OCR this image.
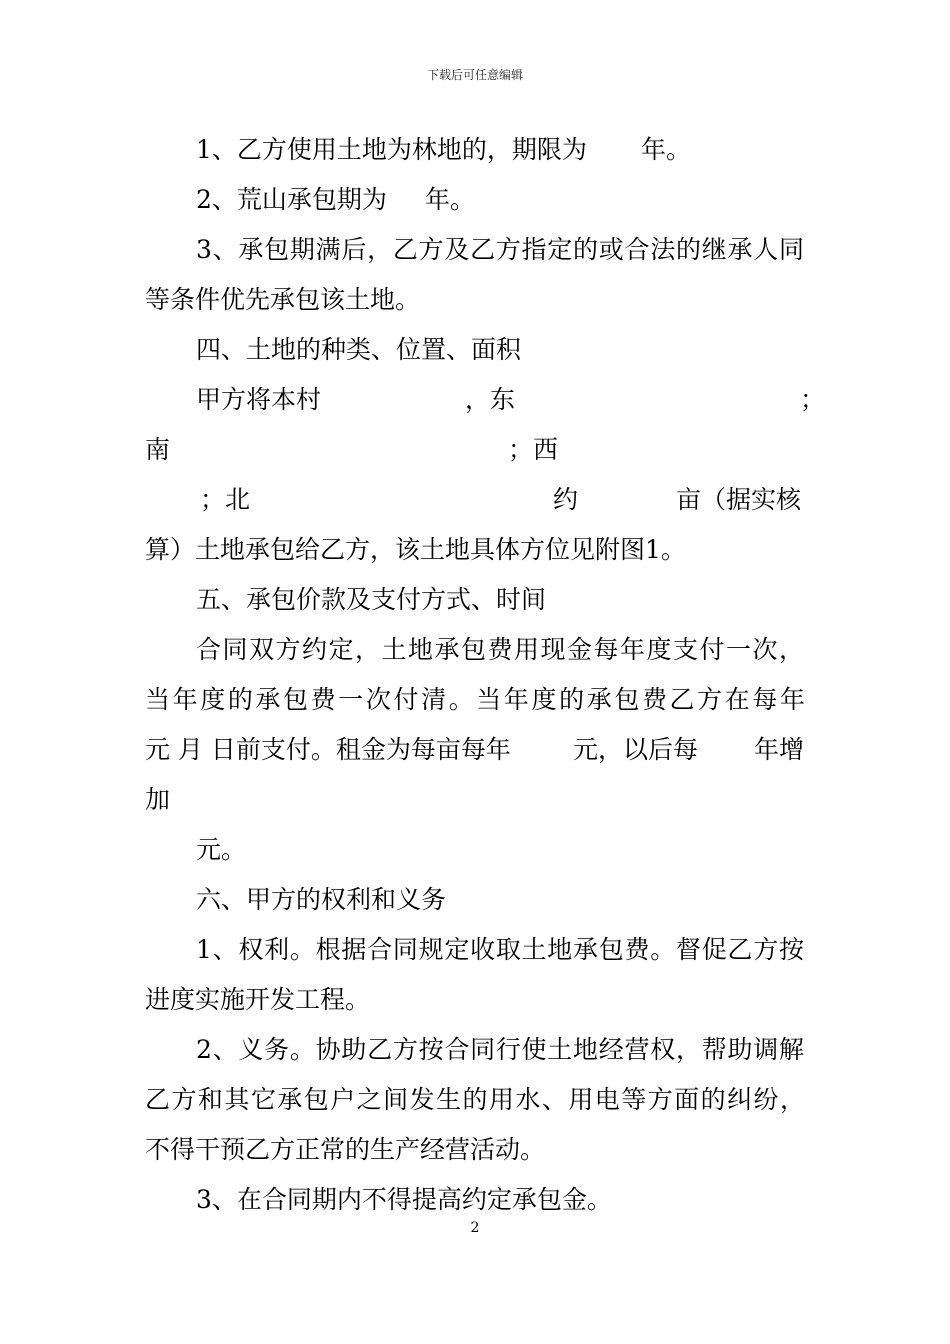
下载后可任意编辑
1、乙方使用土地为林地的，期限为 年。
2、荒山承包期为 年。
3、承包期满后，乙方及乙方指定的或合法的继承人同
等条件优先承包该土地。
四、土地的种类、位置、面积
甲方将本村	，东	；
南	；西
；北	约	亩（据实核
算）土地承包给乙方，该土地具体方位见附图1。
五、承包价款及支付方式、时间
合同双方约定，土地承包费用现金每年度支付一次，
当年度的承包费一次付清。当年度的承包费乙方在每年
元 月 日前支付。租金为每亩每年 元，以后每 年增
加
元。
六、甲方的权利和义务
1、权利。根据合同规定收取土地承包费。督促乙方按
进度实施开发工程。
2、义务。协助乙方按合同行使土地经营权，帮助调解
乙方和其它承包户之间发生的用水、用电等方面的纠纷，
不得干预乙方正常的生产经营活动。
3、在合同期内不得提高约定承包金。
2
